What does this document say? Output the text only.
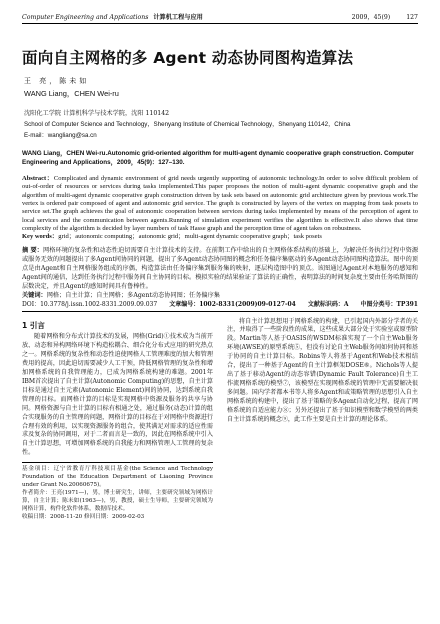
Computer Engineering and Applications 计算机工程与应用	2009，45(9)	127
面向自主网格的多 Agent 动态协同图构造算法
王 亮，陈未如
WANG Liang，CHEN Wei-ru
沈阳化工学院 计算机科学与技术学院，沈阳 110142
School of Computer Science and Technology，Shenyang Institute of Chemical Technology，Shenyang 110142，China
E-mail：wangliang@sa.cn
WANG Liang，CHEN Wei-ru.Autonomic grid-oriented algorithm for multi-agent dynamic cooperative graph construction. Computer Engineering and Applications，2009，45(9)：127–130.
Abstract：Complicated and dynamic environment of grid needs urgently supporting of autonomic technology.In order to solve difficult problem of out-of-order of resources or services during tasks implemented.This paper proposes the notion of multi-agent dynamic cooperative graph and the algorithm of multi-agent dynamic cooperative graph construction driven by task sets based on autonomic grid architecture given by previous work.The vertex is ordered pair composed of agent and autonomic grid service. The graph is constructed by layers of the vertex on mapping from task posets to service set.The graph achieves the goal of autonomic cooperation between services during tasks implemented by means of the perception of agent to local services and the communication between agents.Running of simulation experiment verifies the algorithm is effective.It also shows that time complexity of the algorithm is decided by layer numbers of task Hasse graph and the perception time of agent takes on robustness.
Key words：grid；autonomic computing；autonomic grid；multi-agent dynamic cooperative graph；task posets
摘 要：网格环境的复杂性和动态性迫切需要自主计算技术的支持。在前期工作中给出的自主网格体系结构的基础上，为解决任务执行过程中资源或服务无效的问题提出了多Agent间协同的问题，提出了多Agent动态协同图的概念和任务偏序集驱动的多Agent动态协同图构造算法。图中的顶点是由Agent和自主网格服务组成的序偶，构造算法由任务偏序集到服务集的映射，逐层构造图中的顶点。该图通过Agent对本地服务的感知和Agent间的通信，达到任务执行过程中服务间自主协同的目标。模拟实验的结果验证了算法的正确性，表明算法的时间复杂度主要由任务哈斯图的层数决定，并且Agent的感知时间具有鲁棒性。
关键词：网格；自主计算；自主网格；多Agent动态协同图；任务偏序集
DOI：10.3778/j.issn.1002-8331.2009.09.037 文章编号：1002-8331(2009)09-0127-04 文献标识码：A 中图分类号：TP391
1 引言

随着网格和分布式计算技术的发展，网格(Grid)①技术成为当前开放、动态和异构网络环境下构造松耦合、细合化分布式应用的研究热点之一。网格系统的复杂性和动态性迫使网格人工管理难度的加大和管理费用的提高，因此迫切需要减少人工干预，降低网格管理的复杂性和增加网格系统的自我管理能力，已成为网格系统构建的难题。2001年IBM首次提出了自主计算(Autonomic Computing)的思想，自主计算目标是通过自主元素(Autonomic Element)间的协同，达到系统自我管理的目标。而网格计算的目标是实现网格中资源及服务的共享与协同。网格资源与自主计算的目标有相通之处，通过服务(动态)计算的组合实现服务的自主管理的问题，网格计算的目标在于对网格中资源进行合理有效的利用，以实现资源服务的组合，使其满足对需求的适应性需求及复杂的协同调用，对于二者而言是一致的，因此在网格系统中引入自主计算思想，可增加网格系统的自我能力和网格管理人工管理的复杂性。

基金项目：辽宁省教育厅科技项目基金(the Science and Technology Foundation of the Education Department of Liaoning Province under Grant No.20060675)。
作者简介：王亮(1971—)，男，博士研究生，讲师，主要研究领域为网格计算，自主计算；陈未如(1963—)，男，教授，硕士生导师，主要研究领域为网格计算，构件化软件体系，数据库技术。
收稿日期：2008-11-20 修回日期：2009-02-03

将自主计算思想用于网格系统的构建，已引起国内外部分学者的关注，并取得了一些阶段性的成果，这些成果大部分处于实验室或原型阶段。Martin等人基于OASIS的WSDM标准实现了一个自主Web服务环境(AWSE)的原型系统⑤，但没有讨论自主Web服务间如何协同和基于协同的自主计算目标。Robins等人将基于Agent和Web技术相结合，提出了一种基于Agent的自主计算框架DOSE⑥。Nichols等人提出了基于移动Agent的动态容错(Dynamic Fault Tolerance)自主工作流网格系统的模型⑦，该模型在实现网格系统的管理中无需要解决很多问题。国内学者都本书等人将多Agent和或策略管理的思想引入自主网格系统的构建中，提出了基于策略的多Agent自动化过程，提高了网格系统的自适应能力⑧；另外还提出了基于知识模型和数学模型的两类自主计算系统的概念⑨，此工作主要是自主计算的理论体系。
